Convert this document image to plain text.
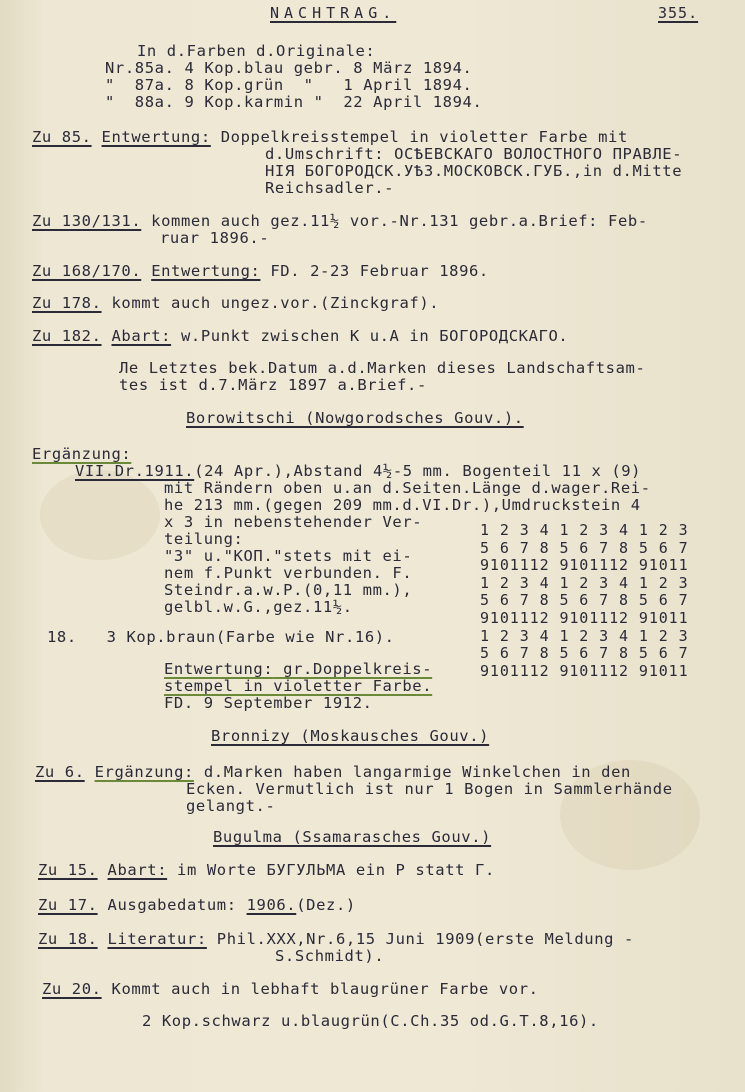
NACHTRAG.	355.
In d.Farben d.Originale:
Nr.85a. 4 Kop.blau gebr. 8 März 1894.
"  87a. 8 Kop.grün  "   1 April 1894.
"  88a. 9 Kop.karmin "  22 April 1894.
Zu 85. Entwertung: Doppelkreisstempel in violetter Farbe mit
d.Umschrift: ОСѢЕВСКАГО ВОЛОСТНОГО ПРАВЛЕ-
НІЯ БОГОРОДСК.УѢЗ.МОСКОВСК.ГУБ.,in d.Mitte
Reichsadler.-
Zu 130/131. kommen auch gez.11½ vor.-Nr.131 gebr.a.Brief: Feb-
ruar 1896.-
Zu 168/170. Entwertung: FD. 2-23 Februar 1896.
Zu 178. kommt auch ungez.vor.(Zinckgraf).
Zu 182. Abart: w.Punkt zwischen K u.A in БОГОРОДСКАГО.
Ле Letztes bek.Datum a.d.Marken dieses Landschaftsam-
tes ist d.7.März 1897 a.Brief.-
Borowitschi (Nowgorodsches Gouv.).
Ergänzung:
VII.Dr.1911.(24 Apr.),Abstand 4½-5 mm. Bogenteil 11 x (9)
mit Rändern oben u.an d.Seiten.Länge d.wager.Rei-
he 213 mm.(gegen 209 mm.d.VI.Dr.),Umdruckstein 4
x 3 in nebenstehender Ver-
teilung:
"3" u."КОП."stets mit ei-
nem f.Punkt verbunden. F.
Steindr.a.w.P.(0,11 mm.),
gelbl.w.G.,gez.11½.
18.   3 Kop.braun(Farbe wie Nr.16).
Entwertung: gr.Doppelkreis-
stempel in violetter Farbe.
FD. 9 September 1912.
1 2 3 4 1 2 3 4 1 2 3
5 6 7 8 5 6 7 8 5 6 7
9101112 9101112 91011
1 2 3 4 1 2 3 4 1 2 3
5 6 7 8 5 6 7 8 5 6 7
9101112 9101112 91011
1 2 3 4 1 2 3 4 1 2 3
5 6 7 8 5 6 7 8 5 6 7
9101112 9101112 91011
Bronnizy (Moskausches Gouv.)
Zu 6. Ergänzung: d.Marken haben langarmige Winkelchen in den
Ecken. Vermutlich ist nur 1 Bogen in Sammlerhände
gelangt.-
Bugulma (Ssamarasches Gouv.)
Zu 15. Abart: im Worte БУГУЛЬМА ein Р statt Г.
Zu 17. Ausgabedatum: 1906.(Dez.)
Zu 18. Literatur: Phil.XXX,Nr.6,15 Juni 1909(erste Meldung -
S.Schmidt).
Zu 20. Kommt auch in lebhaft blaugrüner Farbe vor.
2 Kop.schwarz u.blaugrün(C.Ch.35 od.G.T.8,16).
